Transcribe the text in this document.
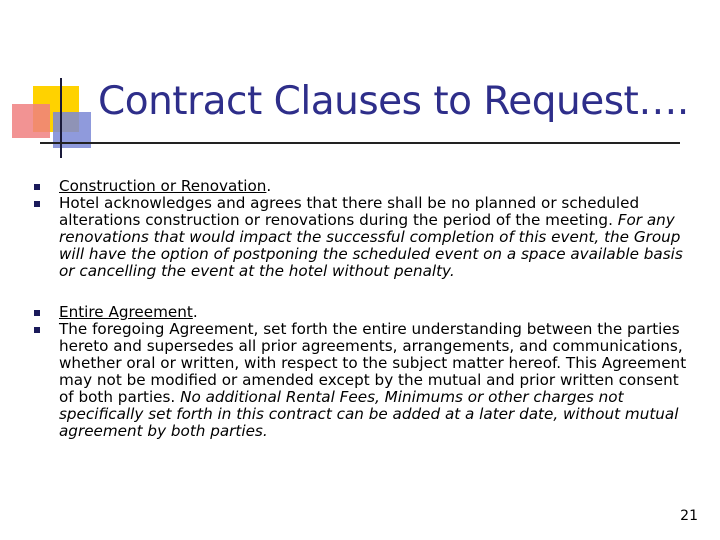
Contract Clauses to Request….
Construction or Renovation.
Hotel acknowledges and agrees that there shall be no planned or scheduled alterations construction or renovations during the period of the meeting. For any renovations that would impact the successful completion of this event, the Group will have the option of postponing the scheduled event on a space available basis or cancelling the event at the hotel without penalty.
Entire Agreement.
The foregoing Agreement, set forth the entire understanding between the parties hereto and supersedes all prior agreements, arrangements, and communications, whether oral or written, with respect to the subject matter hereof. This Agreement may not be modified or amended except by the mutual and prior written consent of both parties. No additional Rental Fees, Minimums or other charges not specifically set forth in this contract can be added at a later date, without mutual agreement by both parties.
21
